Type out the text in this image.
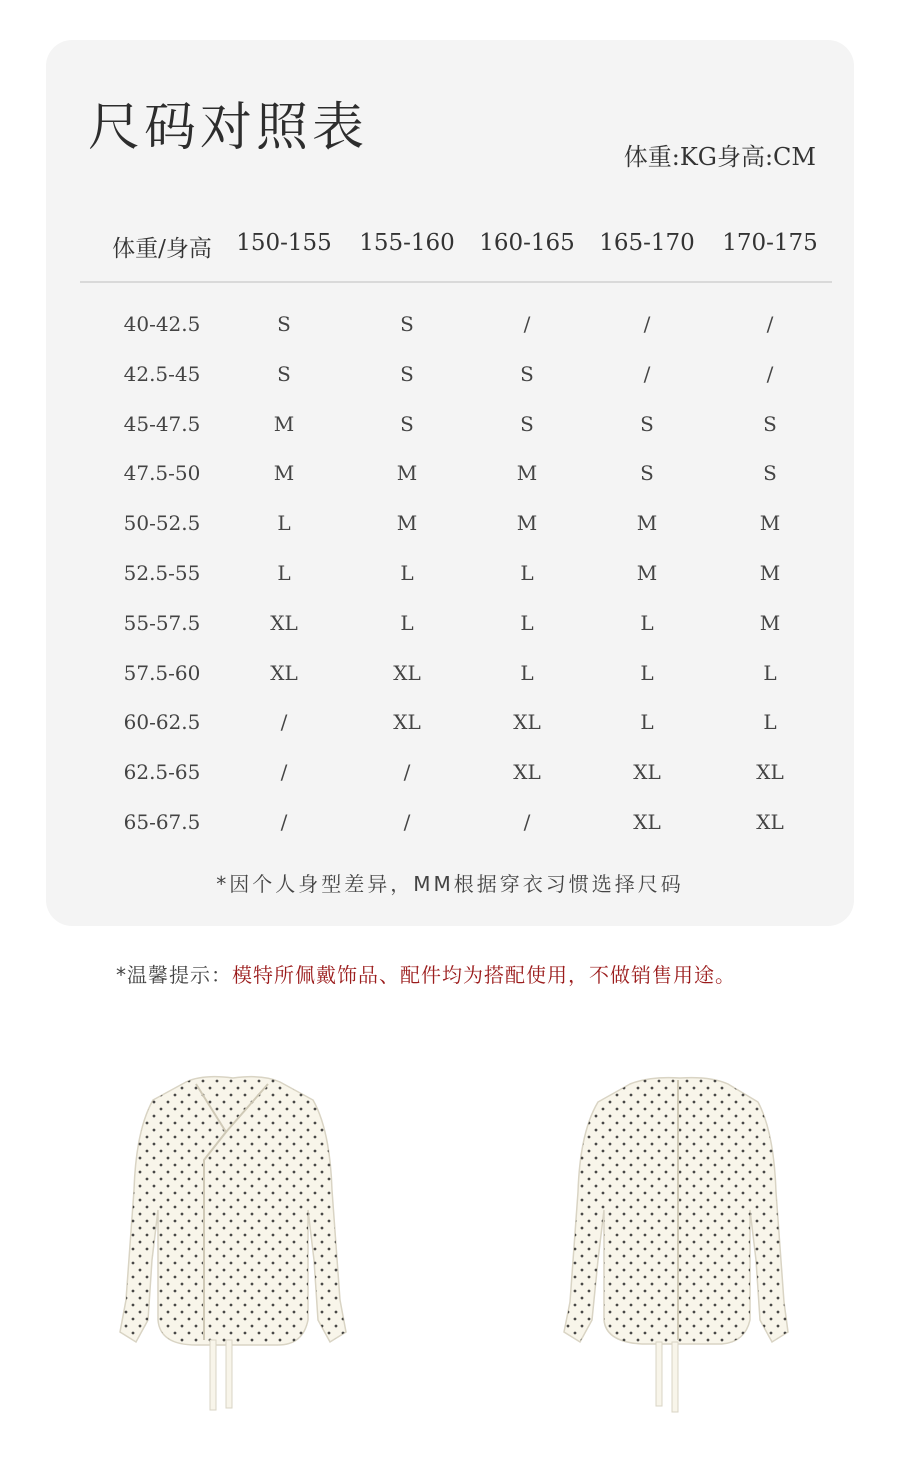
尺码对照表	体重:KG身高:CM
体重/身高 150-155 155-160 160-165 165-170 170-175
40-42.5	S	S	/	/	/
42.5-45	S	S	S	/	/
45-47.5	M	S	S	S	S
47.5-50	M	M	M	S	S
50-52.5	L	M	M	M	M
52.5-55	L	L	L	M	M
55-57.5	XL	L	L	L	M
57.5-60	XL	XL	L	L	L
60-62.5	/	XL	XL	L	L
62.5-65	/	/	XL	XL	XL
65-67.5	/	/	/	XL	XL
*因个人身型差异，MM根据穿衣习惯选择尺码
*温馨提示：模特所佩戴饰品、配件均为搭配使用，不做销售用途。
